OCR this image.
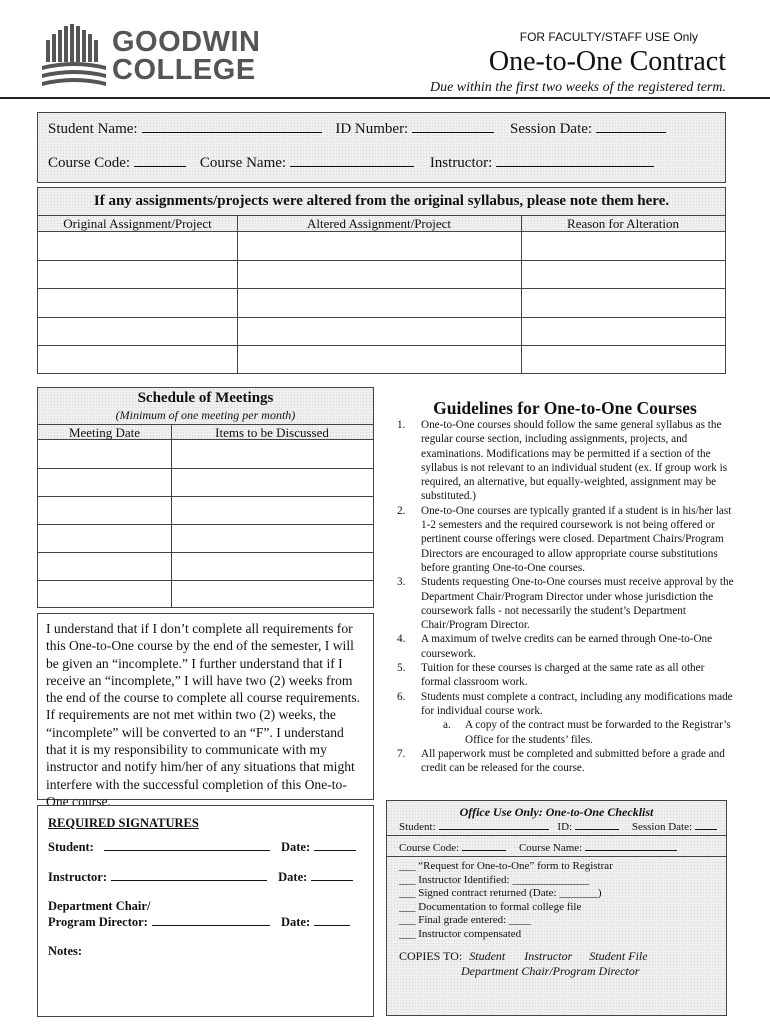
GOODWIN
COLLEGE
FOR FACULTY/STAFF USE Only
One-to-One Contract
Due within the first two weeks of the registered term.
Student Name:	ID Number:	Session Date:
Course Code:	Course Name:	Instructor:
If any assignments/projects were altered from the original syllabus, please note them here.
Original Assignment/Project	Altered Assignment/Project	Reason for Alteration
Schedule of Meetings
(Minimum of one meeting per month)
Meeting Date	Items to be Discussed
I understand that if I don’t complete all requirements for this One-to-One course by the end of the semester, I will be given an “incomplete.” I further understand that if I receive an “incomplete,” I will have two (2) weeks from the end of the course to complete all course requirements. If requirements are not met within two (2) weeks, the “incomplete” will be converted to an “F”. I understand that it is my responsibility to communicate with my instructor and notify him/her of any situations that might interfere with the successful completion of this One-to-One course.
REQUIRED SIGNATURES
Student:	Date:
Instructor:	Date:
Department Chair/
Program Director:	Date:
Notes:
Guidelines for One-to-One Courses
1. One-to-One courses should follow the same general syllabus as the regular course section, including assignments, projects, and examinations. Modifications may be permitted if a section of the syllabus is not relevant to an individual student (ex. If group work is required, an alternative, but equally-weighted, assignment may be substituted.)
2. One-to-One courses are typically granted if a student is in his/her last 1-2 semesters and the required coursework is not being offered or pertinent course offerings were closed. Department Chairs/Program Directors are encouraged to allow appropriate course substitutions before granting One-to-One courses.
3. Students requesting One-to-One courses must receive approval by the Department Chair/Program Director under whose jurisdiction the coursework falls - not necessarily the student’s Department Chair/Program Director.
4. A maximum of twelve credits can be earned through One-to-One coursework.
5. Tuition for these courses is charged at the same rate as all other formal classroom work.
6. Students must complete a contract, including any modifications made for individual course work.
a. A copy of the contract must be forwarded to the Registrar’s Office for the students’ files.
7. All paperwork must be completed and submitted before a grade and credit can be released for the course.
Office Use Only: One-to-One Checklist
Student:	ID:	Session Date:
Course Code:	Course Name:
___ “Request for One-to-One” form to Registrar
___ Instructor Identified: ______________
___ Signed contract returned (Date: _______)
___ Documentation to formal college file
___ Final grade entered: ____
___ Instructor compensated
COPIES TO: Student Instructor Student File
Department Chair/Program Director
